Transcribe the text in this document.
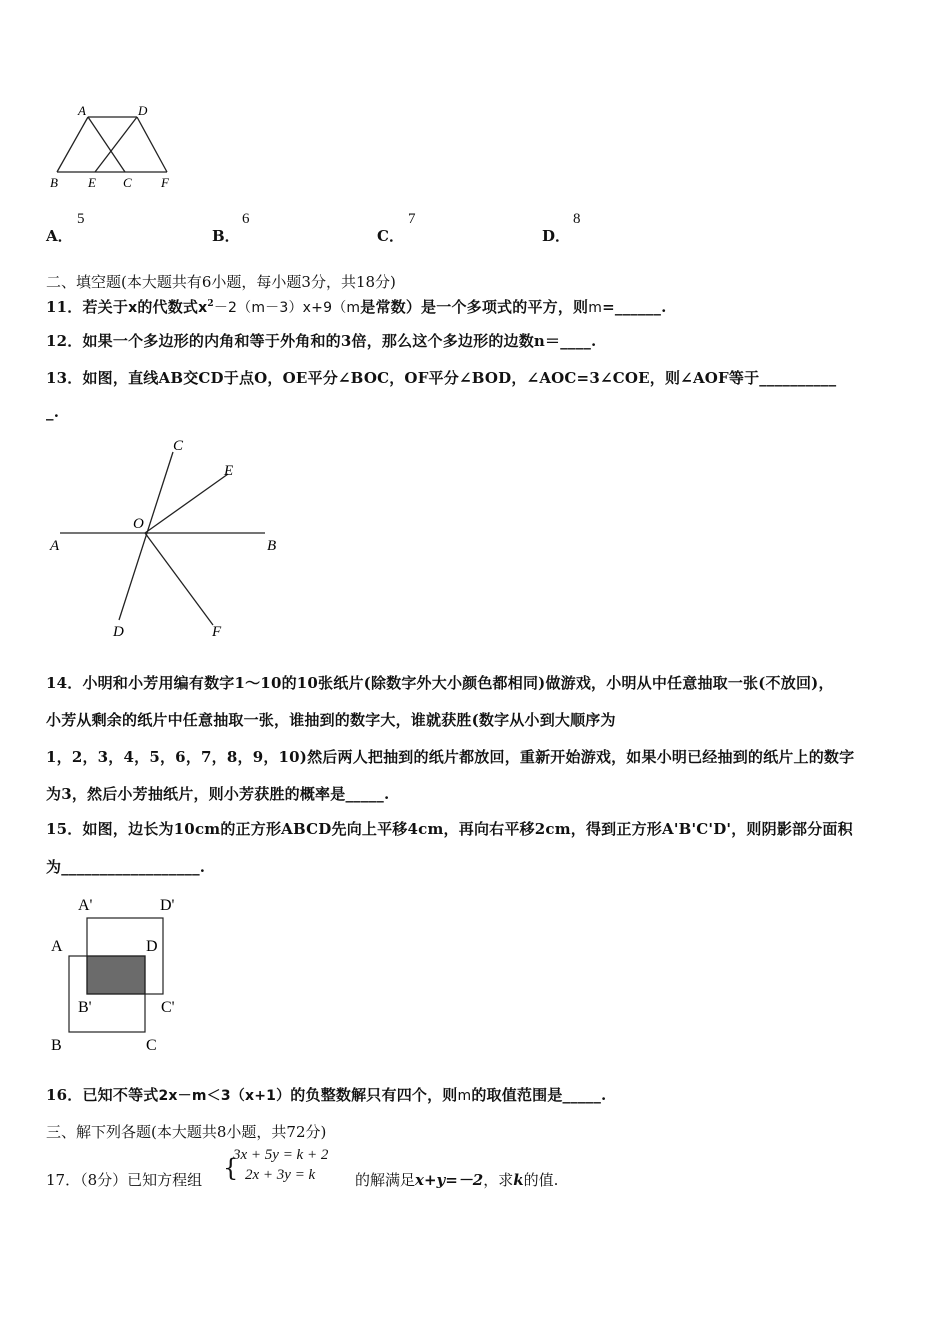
A	D
B E C F
A．
5
B．
6
C．
7
D．
8
二、填空题(本大题共有6小题，每小题3分，共18分)
11．若关于x的代数式$x^2-2(m-3)x+9(m$是常数）是一个多项式的平方，则m=______.
12．如果一个多边形的内角和等于外角和的3倍，那么这个多边形的边数n＝____.
13．如图，直线AB交CD于点O，OE平分∠BOC，OF平分∠BOD，∠AOC=3∠COE，则∠AOF等于__________
_.
C
E
O
A	B
D	F
14．小明和小芳用编有数字1～10的10张纸片(除数字外大小颜色都相同)做游戏，小明从中任意抽取一张(不放回)，
小芳从剩余的纸片中任意抽取一张，谁抽到的数字大，谁就获胜(数字从小到大顺序为
1，2，3，4，5，6，7，8，9，10)然后两人把抽到的纸片都放回，重新开始游戏，如果小明已经抽到的纸片上的数字
为3，然后小芳抽纸片，则小芳获胜的概率是_____.
15．如图，边长为10cm的正方形ABCD先向上平移4cm，再向右平移2cm，得到正方形A'B'C'D'，则阴影部分面积
为__________________.
A'	D'
A	D
B'	C'
B	C
16．已知不等式2x－m＜3（x+1）的负整数解只有四个，则m的取值范围是_____.
三、解下列各题(本大题共8小题，共72分)
17．（8分）已知方程组 {
3x + 5y = k + 2
2x + 3y = k	的解满足x+y=－2，求k的值.
